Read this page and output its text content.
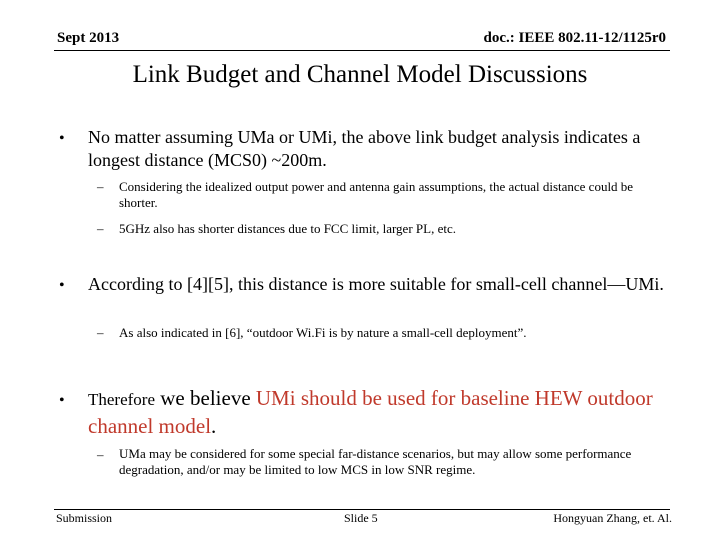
Sept 2013	doc.: IEEE 802.11-12/1125r0
Link Budget and Channel Model Discussions
• No matter assuming UMa or UMi, the above link budget analysis indicates a longest distance (MCS0) ~200m.
– Considering the idealized output power and antenna gain assumptions, the actual distance could be shorter.
– 5GHz also has shorter distances due to FCC limit, larger PL, etc.
• According to [4][5], this distance is more suitable for small-cell channel—UMi.
– As also indicated in [6], “outdoor Wi.Fi is by nature a small-cell deployment”.
• Therefore we believe UMi should be used for baseline HEW outdoor channel model.
– UMa may be considered for some special far-distance scenarios, but may allow some performance degradation, and/or may be limited to low MCS in low SNR regime.
Submission	Slide 5	Hongyuan Zhang, et. Al.
